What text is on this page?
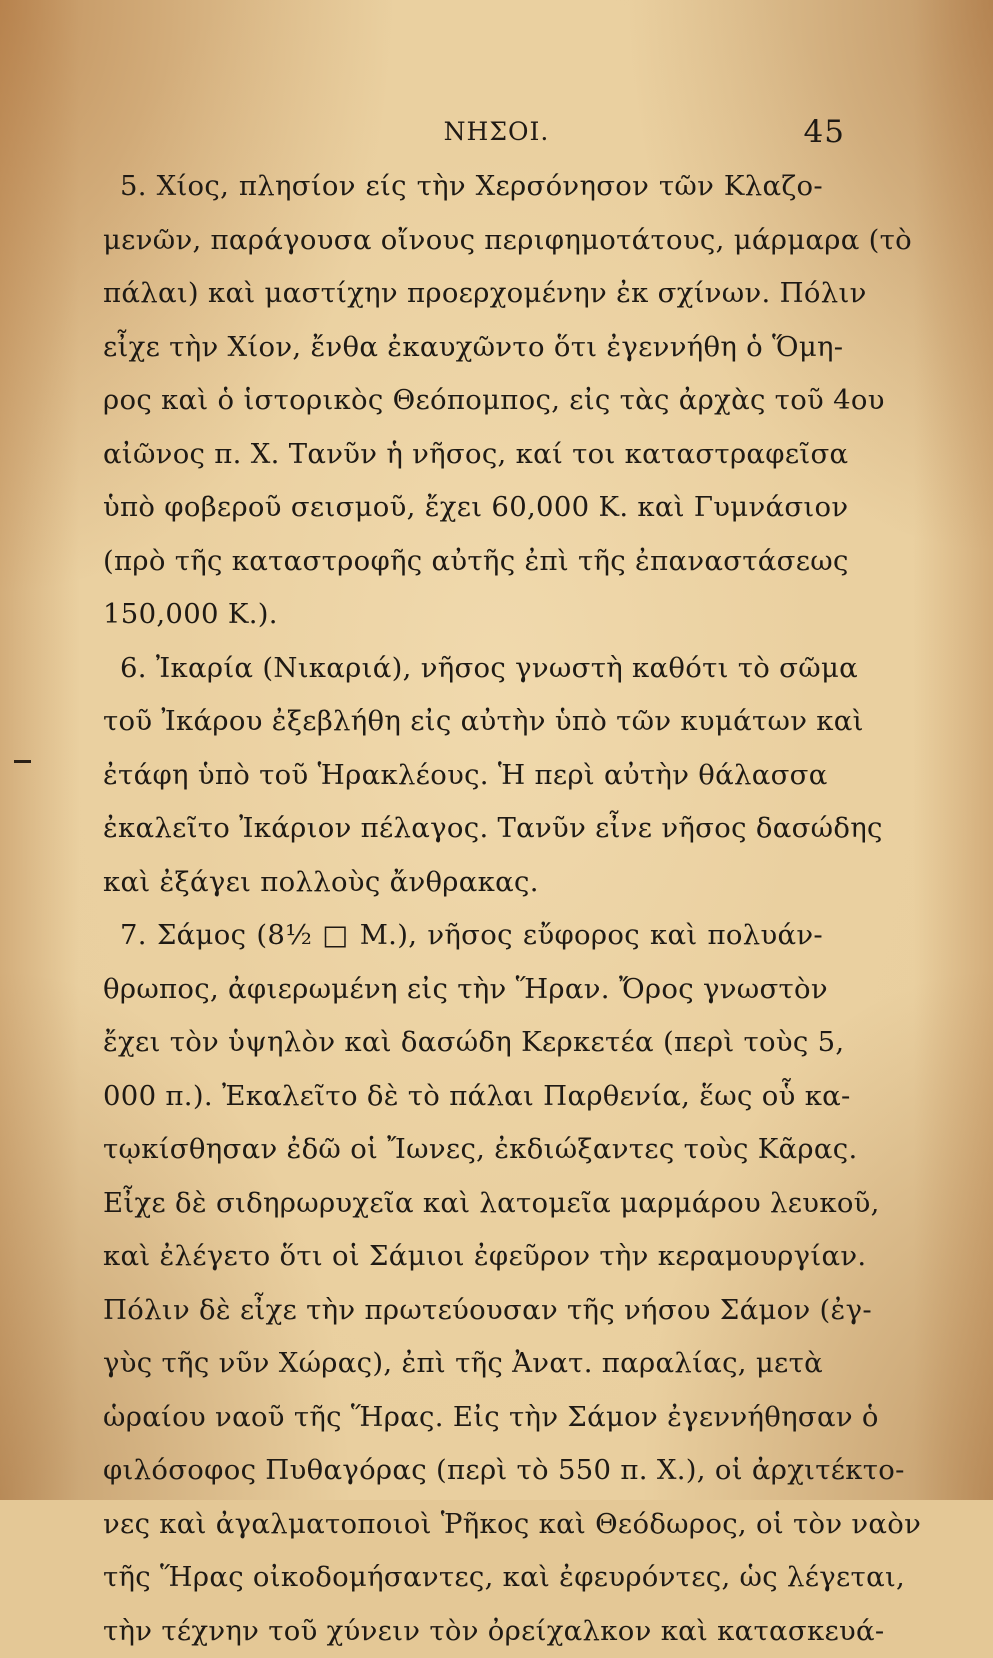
ΝΗΣΟΙ.	45
5. Χίος, πλησίον είς τὴν Χερσόνησον τῶν Κλαζο-
μενῶν, παράγουσα οἴνους περιφημοτάτους, μάρμαρα (τὸ
πάλαι) καὶ μαστίχην προερχομένην ἐκ σχίνων. Πόλιν
εἶχε τὴν Χίον, ἔνθα ἐκαυχῶντο ὅτι ἐγεννήθη ὁ Ὅμη-
ρος καὶ ὁ ἱστορικὸς Θεόπομπος, εἰς τὰς ἀρχὰς τοῦ 4ου
αἰῶνος π. Χ. Τανῦν ἡ νῆσος, καί τοι καταστραφεῖσα
ὑπὸ φοβεροῦ σεισμοῦ, ἔχει 60,000 Κ. καὶ Γυμνάσιον
(πρὸ τῆς καταστροφῆς αὐτῆς ἐπὶ τῆς ἐπαναστάσεως
150,000 Κ.).
6. Ἰκαρία (Νικαριά), νῆσος γνωστὴ καθότι τὸ σῶμα
τοῦ Ἰκάρου ἐξεβλήθη εἰς αὐτὴν ὑπὸ τῶν κυμάτων καὶ
ἐτάφη ὑπὸ τοῦ Ἡρακλέους. Ἡ περὶ αὐτὴν θάλασσα
ἐκαλεῖτο Ἰκάριον πέλαγος. Τανῦν εἶνε νῆσος δασώδης
καὶ ἐξάγει πολλοὺς ἄνθρακας.
7. Σάμος (8½ □ Μ.), νῆσος εὔφορος καὶ πολυάν-
θρωπος, ἀφιερωμένη εἰς τὴν Ἥραν. Ὄρος γνωστὸν
ἔχει τὸν ὑψηλὸν καὶ δασώδη Κερκετέα (περὶ τοὺς 5,
000 π.). Ἐκαλεῖτο δὲ τὸ πάλαι Παρθενία, ἕως οὗ κα-
τῳκίσθησαν ἐδῶ οἱ Ἴωνες, ἐκδιώξαντες τοὺς Κᾶρας.
Εἶχε δὲ σιδηρωρυχεῖα καὶ λατομεῖα μαρμάρου λευκοῦ,
καὶ ἐλέγετο ὅτι οἱ Σάμιοι ἐφεῦρον τὴν κεραμουργίαν.
Πόλιν δὲ εἶχε τὴν πρωτεύουσαν τῆς νήσου Σάμον (ἐγ-
γὺς τῆς νῦν Χώρας), ἐπὶ τῆς Ἀνατ. παραλίας, μετὰ
ὡραίου ναοῦ τῆς Ἥρας. Εἰς τὴν Σάμον ἐγεννήθησαν ὁ
φιλόσοφος Πυθαγόρας (περὶ τὸ 550 π. Χ.), οἱ ἀρχιτέκτο-
νες καὶ ἀγαλματοποιοὶ Ῥῆκος καὶ Θεόδωρος, οἱ τὸν ναὸν
τῆς Ἥρας οἰκοδομήσαντες, καὶ ἐφευρόντες, ὡς λέγεται,
τὴν τέχνην τοῦ χύνειν τὸν ὀρείχαλκον καὶ κατασκευά-
